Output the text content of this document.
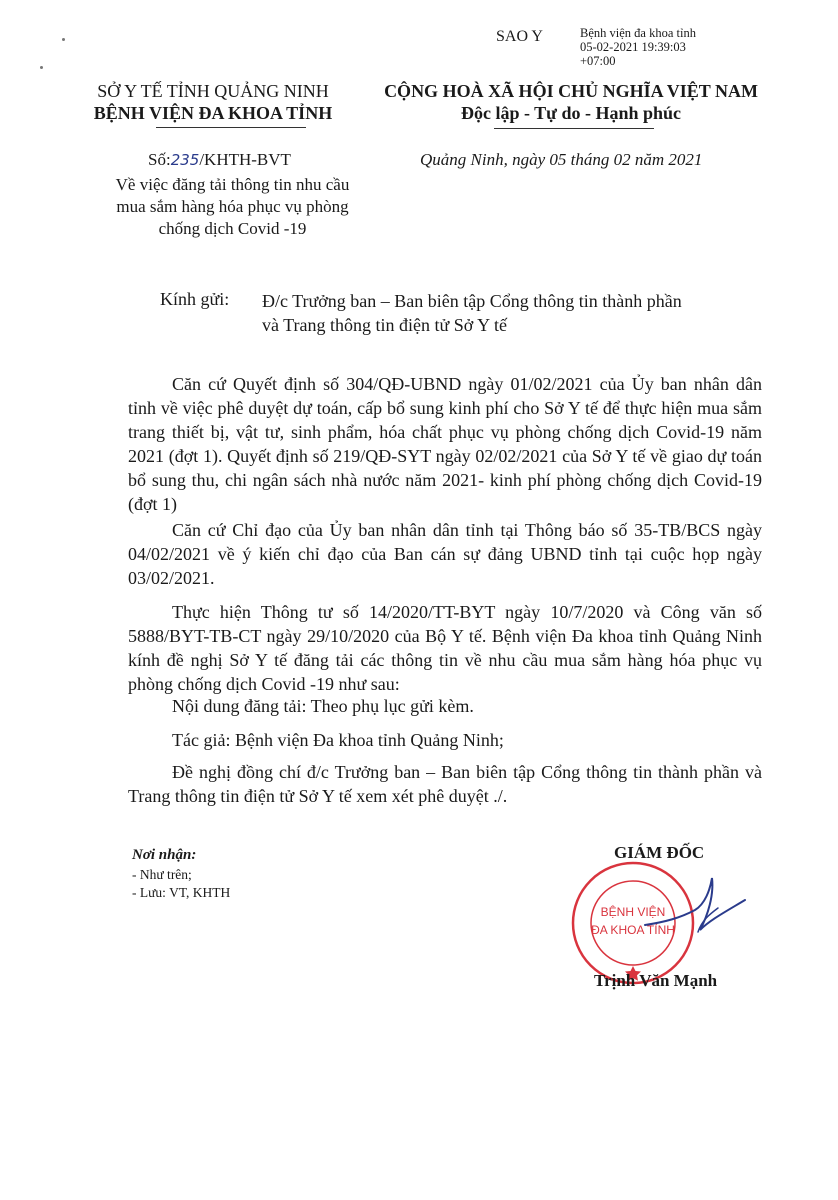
SAO Y	Bệnh viện đa khoa tỉnh
05-02-2021 19:39:03
+07:00
SỞ Y TẾ TỈNH QUẢNG NINH
BỆNH VIỆN ĐA KHOA TỈNH
CỘNG HOÀ XÃ HỘI CHỦ NGHĨA VIỆT NAM
Độc lập - Tự do - Hạnh phúc
Số:235/KHTH-BVT	Quảng Ninh, ngày 05 tháng 02 năm 2021
Về việc đăng tải thông tin nhu cầu
mua sắm hàng hóa phục vụ phòng
chống dịch Covid -19
Kính gửi: Đ/c Trưởng ban – Ban biên tập Cổng thông tin thành phần
và Trang thông tin điện tử Sở Y tế
Căn cứ Quyết định số 304/QĐ-UBND ngày 01/02/2021 của Ủy ban nhân dân tỉnh về việc phê duyệt dự toán, cấp bổ sung kinh phí cho Sở Y tế để thực hiện mua sắm trang thiết bị, vật tư, sinh phẩm, hóa chất phục vụ phòng chống dịch Covid-19 năm 2021 (đợt 1). Quyết định số 219/QĐ-SYT ngày 02/02/2021 của Sở Y tế về giao dự toán bổ sung thu, chi ngân sách nhà nước năm 2021- kinh phí phòng chống dịch Covid-19 (đợt 1)
Căn cứ Chỉ đạo của Ủy ban nhân dân tỉnh tại Thông báo số 35-TB/BCS ngày 04/02/2021 về ý kiến chỉ đạo của Ban cán sự đảng UBND tỉnh tại cuộc họp ngày 03/02/2021.
Thực hiện Thông tư số 14/2020/TT-BYT ngày 10/7/2020 và Công văn số 5888/BYT-TB-CT ngày 29/10/2020 của Bộ Y tế. Bệnh viện Đa khoa tỉnh Quảng Ninh kính đề nghị Sở Y tế đăng tải các thông tin về nhu cầu mua sắm hàng hóa phục vụ phòng chống dịch Covid -19 như sau:
Nội dung đăng tải: Theo phụ lục gửi kèm.
Tác giả: Bệnh viện Đa khoa tỉnh Quảng Ninh;
Đề nghị đồng chí đ/c Trưởng ban – Ban biên tập Cổng thông tin thành phần và Trang thông tin điện tử Sở Y tế xem xét phê duyệt ./.
Nơi nhận:
- Như trên;
- Lưu: VT, KHTH
BỆNH VIỆN
ĐA KHOA TỈNH
GIÁM ĐỐC
Trịnh Văn Mạnh
